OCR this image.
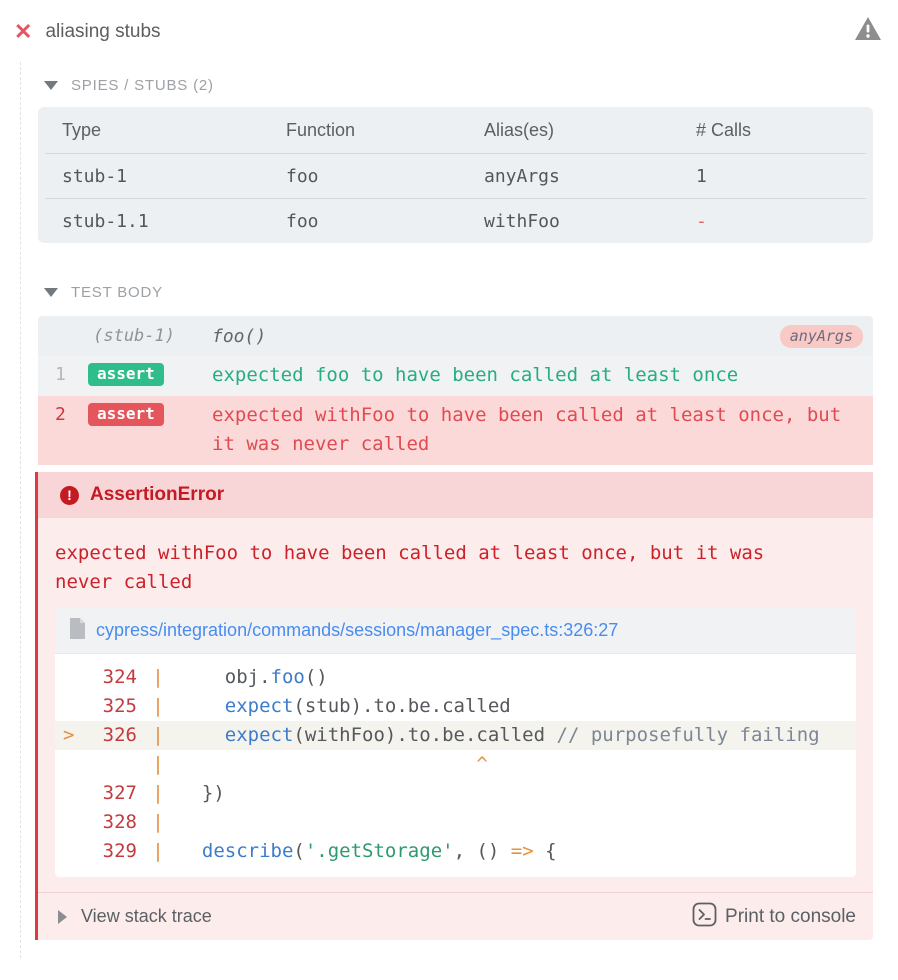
✕ aliasing stubs
SPIES / STUBS (2)
Type	Function	Alias(es)	# Calls
stub-1	foo	anyArgs	1
stub-1.1	foo	withFoo	-
TEST BODY
(stub-1) foo()	anyArgs
1	assert	expected foo to have been called at least once
2	assert	expected withFoo to have been called at least once, but it was never called
! AssertionError
expected withFoo to have been called at least once, but it was never called
cypress/integration/commands/sessions/manager_spec.ts:326:27
324 | obj.foo()
325 |	expect(stub).to.be.called
>	326 |	expect(withFoo).to.be.called // purposefully failing
|	^
327 | })
328 |
329 |	describe('.getStorage', () => {
View stack trace	Print to console
